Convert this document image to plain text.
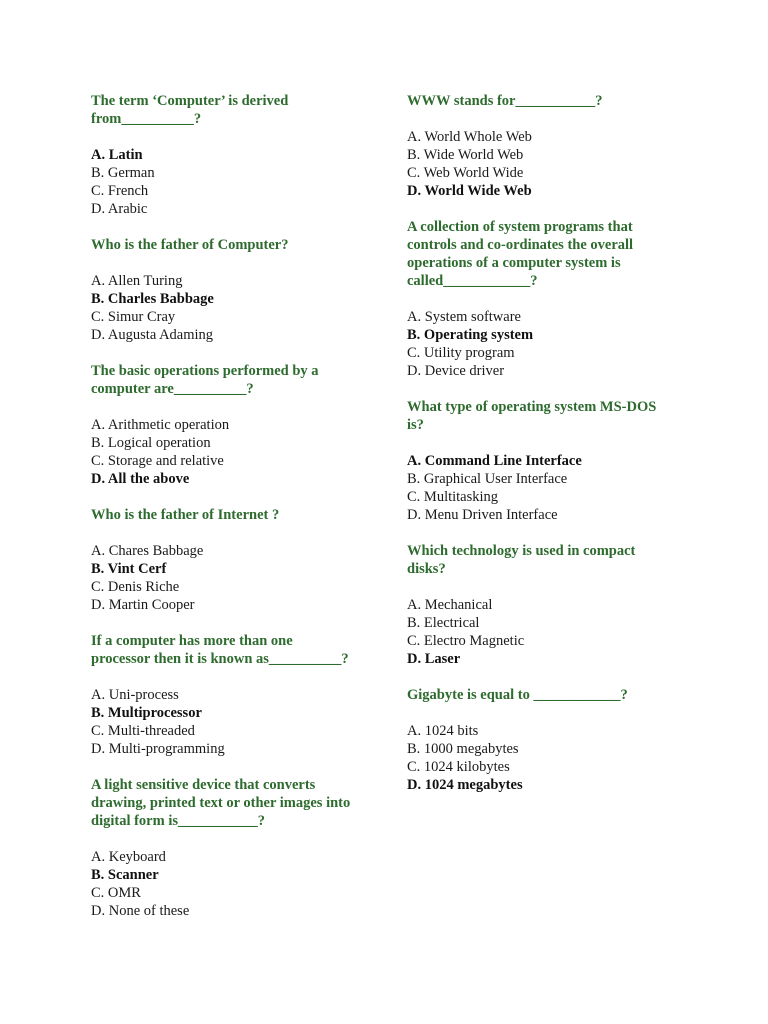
The term ‘Computer’ is derived
from__________?
A. Latin
B. German
C. French
D. Arabic
Who is the father of Computer?
A. Allen Turing
B. Charles Babbage
C. Simur Cray
D. Augusta Adaming
The basic operations performed by a
computer are__________?
A. Arithmetic operation
B. Logical operation
C. Storage and relative
D. All the above
Who is the father of Internet ?
A. Chares Babbage
B. Vint Cerf
C. Denis Riche
D. Martin Cooper
If a computer has more than one
processor then it is known as__________?
A. Uni-process
B. Multiprocessor
C. Multi-threaded
D. Multi-programming
A light sensitive device that converts
drawing, printed text or other images into
digital form is___________?
A. Keyboard
B. Scanner
C. OMR
D. None of these
WWW stands for___________?
A. World Whole Web
B. Wide World Web
C. Web World Wide
D. World Wide Web
A collection of system programs that
controls and co-ordinates the overall
operations of a computer system is
called____________?
A. System software
B. Operating system
C. Utility program
D. Device driver
What type of operating system MS-DOS
is?
A. Command Line Interface
B. Graphical User Interface
C. Multitasking
D. Menu Driven Interface
Which technology is used in compact
disks?
A. Mechanical
B. Electrical
C. Electro Magnetic
D. Laser
Gigabyte is equal to ____________?
A. 1024 bits
B. 1000 megabytes
C. 1024 kilobytes
D. 1024 megabytes
